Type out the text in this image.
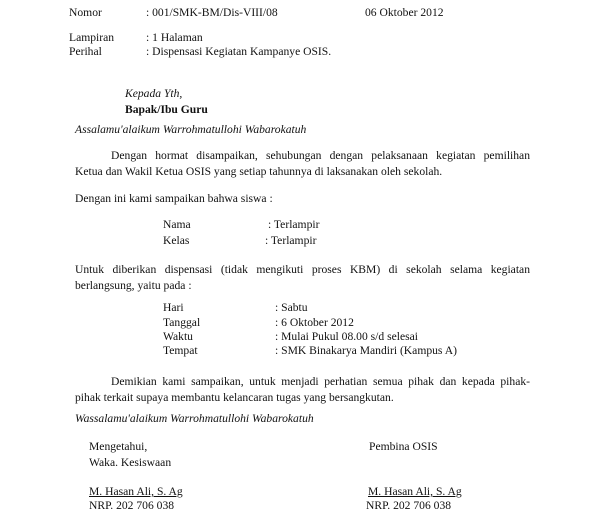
Nomor	: 001/SMK-BM/Dis-VIII/08	06 Oktober 2012
Lampiran	: 1 Halaman
Perihal	: Dispensasi Kegiatan Kampanye OSIS.
Kepada Yth,
Bapak/Ibu Guru
Assalamu'alaikum Warrohmatullohi Wabarokatuh
Dengan hormat disampaikan, sehubungan dengan pelaksanaan kegiatan pemilihan
Ketua dan Wakil Ketua OSIS yang setiap tahunnya di laksanakan oleh sekolah.
Dengan ini kami sampaikan bahwa siswa :
Nama	: Terlampir
Kelas	: Terlampir
Untuk diberikan dispensasi (tidak mengikuti proses KBM) di sekolah selama kegiatan
berlangsung, yaitu pada :
Hari	: Sabtu
Tanggal	: 6 Oktober 2012
Waktu	: Mulai Pukul 08.00 s/d selesai
Tempat	: SMK Binakarya Mandiri (Kampus A)
Demikian kami sampaikan, untuk menjadi perhatian semua pihak dan kepada pihak-
pihak terkait supaya membantu kelancaran tugas yang bersangkutan.
Wassalamu'alaikum Warrohmatullohi Wabarokatuh
Mengetahui,
Waka. Kesiswaan
M. Hasan Ali, S. Ag
NRP. 202 706 038
Pembina OSIS
M. Hasan Ali, S. Ag
NRP. 202 706 038
